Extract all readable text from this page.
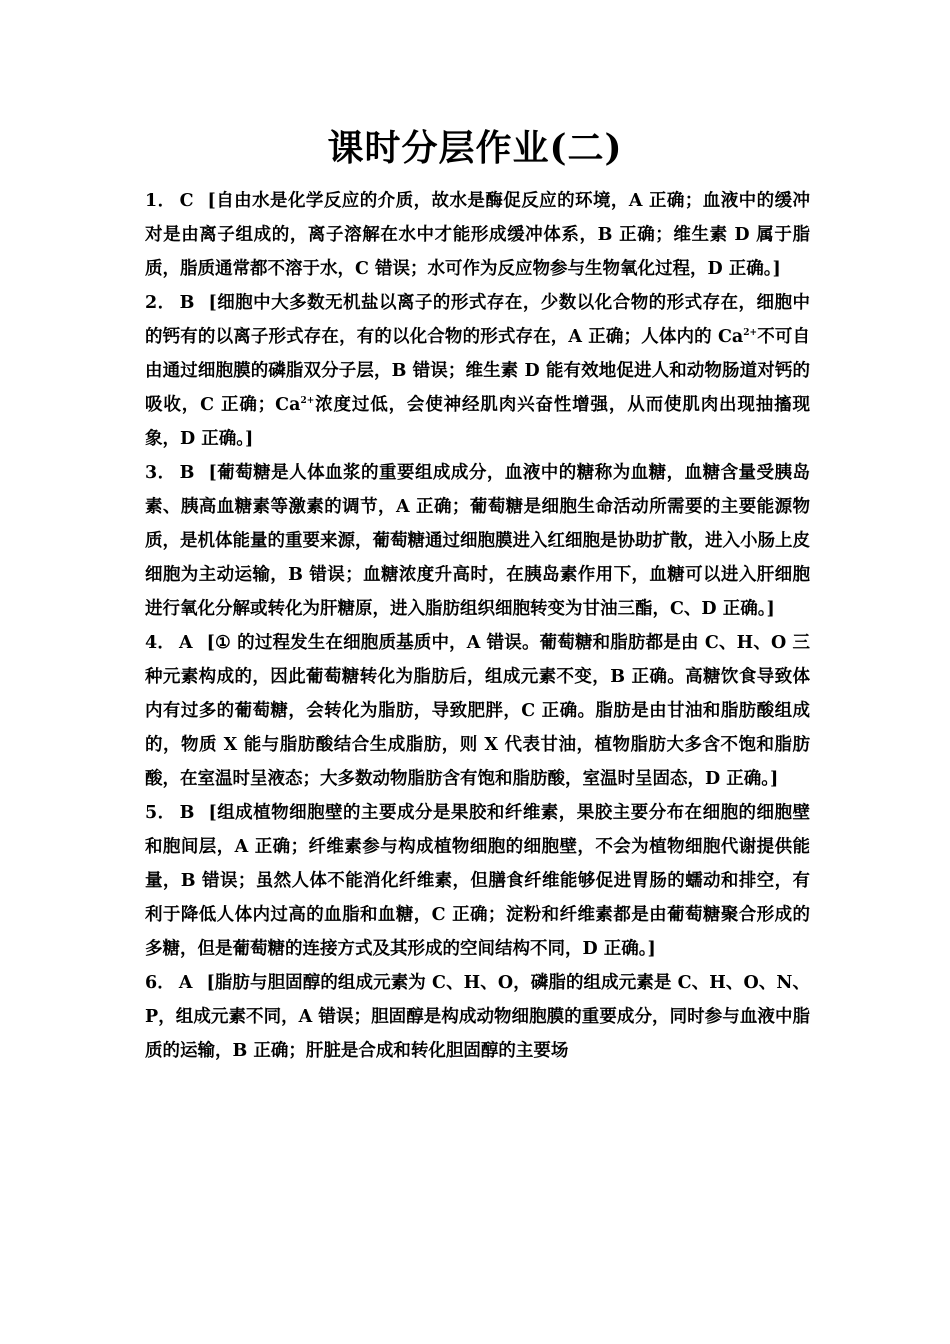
课时分层作业(二)

1． C [自由水是化学反应的介质，故水是酶促反应的环境，A 正确；血液中的缓冲对是由离子组成的，离子溶解在水中才能形成缓冲体系，B 正确；维生素 D 属于脂质，脂质通常都不溶于水，C 错误；水可作为反应物参与生物氧化过程，D 正确。]

2． B [细胞中大多数无机盐以离子的形式存在，少数以化合物的形式存在，细胞中的钙有的以离子形式存在，有的以化合物的形式存在，A 正确；人体内的 $Ca^{2+}$不可自由通过细胞膜的磷脂双分子层，B 错误；维生素 D 能有效地促进人和动物肠道对钙的吸收，C 正确；$Ca^{2+}$浓度过低，会使神经肌肉兴奋性增强，从而使肌肉出现抽搐现象，D 正确。]

3． B [葡萄糖是人体血浆的重要组成成分，血液中的糖称为血糖，血糖含量受胰岛素、胰高血糖素等激素的调节，A 正确；葡萄糖是细胞生命活动所需要的主要能源物质，是机体能量的重要来源，葡萄糖通过细胞膜进入红细胞是协助扩散，进入小肠上皮细胞为主动运输，B 错误；血糖浓度升高时，在胰岛素作用下，血糖可以进入肝细胞进行氧化分解或转化为肝糖原，进入脂肪组织细胞转变为甘油三酯，C、D 正确。]

4． A [① 的过程发生在细胞质基质中，A 错误。葡萄糖和脂肪都是由 C、H、O 三种元素构成的，因此葡萄糖转化为脂肪后，组成元素不变，B 正确。高糖饮食导致体内有过多的葡萄糖，会转化为脂肪，导致肥胖，C 正确。脂肪是由甘油和脂肪酸组成的，物质 X 能与脂肪酸结合生成脂肪，则 X 代表甘油，植物脂肪大多含不饱和脂肪酸，在室温时呈液态；大多数动物脂肪含有饱和脂肪酸，室温时呈固态，D 正确。]

5． B [组成植物细胞壁的主要成分是果胶和纤维素，果胶主要分布在细胞的细胞壁和胞间层，A 正确；纤维素参与构成植物细胞的细胞壁，不会为植物细胞代谢提供能量，B 错误；虽然人体不能消化纤维素，但膳食纤维能够促进胃肠的蠕动和排空，有利于降低人体内过高的血脂和血糖，C 正确；淀粉和纤维素都是由葡萄糖聚合形成的多糖，但是葡萄糖的连接方式及其形成的空间结构不同，D 正确。]

6． A [脂肪与胆固醇的组成元素为 C、H、O，磷脂的组成元素是 C、H、O、N、P，组成元素不同，A 错误；胆固醇是构成动物细胞膜的重要成分，同时参与血液中脂质的运输，B 正确；肝脏是合成和转化胆固醇的主要场
